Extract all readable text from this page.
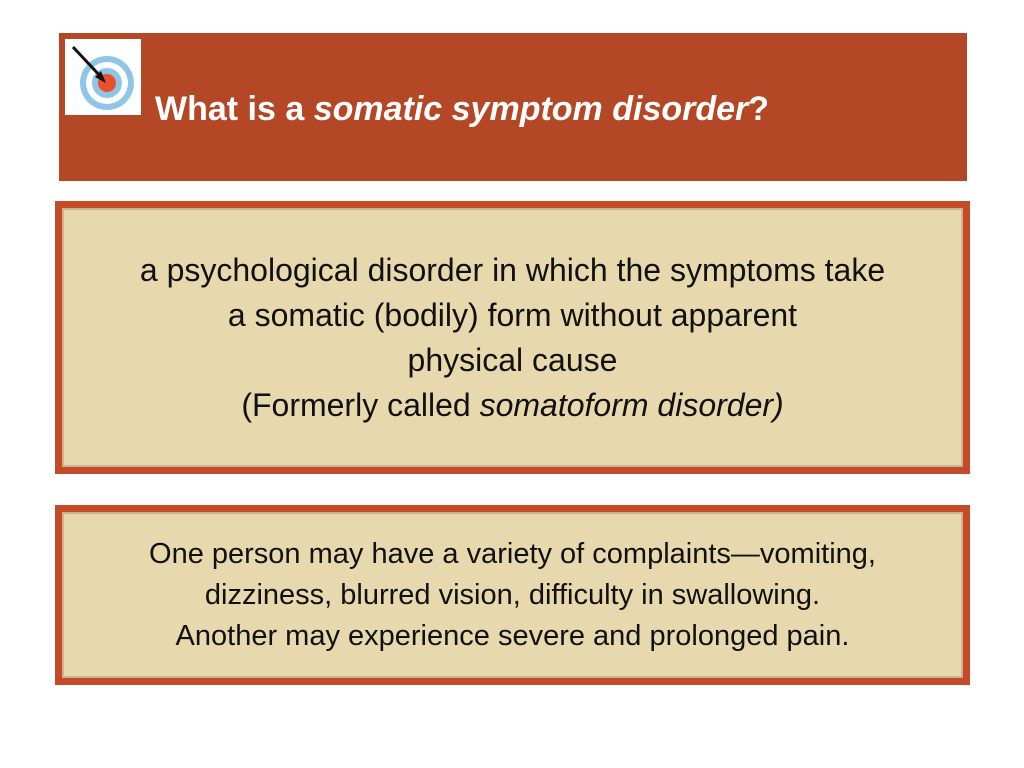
What is a somatic symptom disorder?
a psychological disorder in which the symptoms take
a somatic (bodily) form without apparent
physical cause
(Formerly called somatoform disorder)
One person may have a variety of complaints—vomiting,
dizziness, blurred vision, difficulty in swallowing.
Another may experience severe and prolonged pain.
